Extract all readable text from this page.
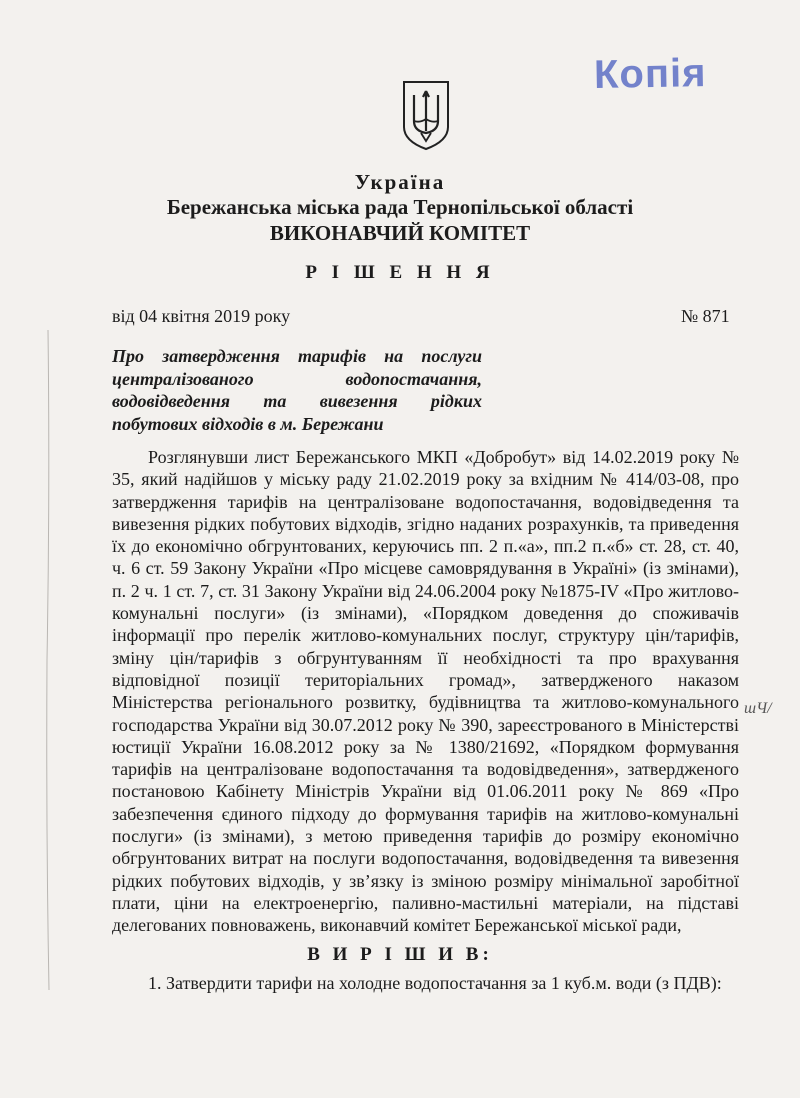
Копія
Україна
Бережанська міська рада Тернопільської області
ВИКОНАВЧИЙ КОМІТЕТ
Р І Ш Е Н Н Я
від 04 квітня 2019 року	№ 871
Про затвердження тарифів на послуги централізованого водопостачання, водовідведення та вивезення рідких побутових відходів в м. Бережани

Розглянувши лист Бережанського МКП «Добробут» від 14.02.2019 року № 35, який надійшов у міську раду 21.02.2019 року за вхідним № 414/03-08, про затвердження тарифів на централізоване водопостачання, водовідведення та вивезення рідких побутових відходів, згідно наданих розрахунків, та приведення їх до економічно обгрунтованих, керуючись пп. 2 п.«а», пп.2 п.«б» ст. 28, ст. 40, ч. 6 ст. 59 Закону України «Про місцеве самоврядування в Україні» (із змінами), п. 2 ч. 1 ст. 7, ст. 31 Закону України від 24.06.2004 року №1875-IV «Про житлово-комунальні послуги» (із змінами), «Порядком доведення до споживачів інформації про перелік житлово-комунальних послуг, структуру цін/тарифів, зміну цін/тарифів з обгрунтуванням її необхідності та про врахування відповідної позиції територіальних громад», затвердженого наказом Міністерства регіонального розвитку, будівництва та житлово-комунального господарства України від 30.07.2012 року № 390, зареєстрованого в Міністерстві юстиції України 16.08.2012 року за № 1380/21692, «Порядком формування тарифів на централізоване водопостачання та водовідведення», затвердженого постановою Кабінету Міністрів України від 01.06.2011 року № 869 «Про забезпечення єдиного підходу до формування тарифів на житлово-комунальні послуги» (із змінами), з метою приведення тарифів до розміру економічно обгрунтованих витрат на послуги водопостачання, водовідведення та вивезення рідких побутових відходів, у зв’язку із зміною розміру мінімальної заробітної плати, ціни на електроенергію, паливно-мастильні матеріали, на підставі делегованих повноважень, виконавчий комітет Бережанської міської ради,

В И Р І Ш И В:

1. Затвердити тарифи на холодне водопостачання за 1 куб.м. води (з ПДВ):

шЧ/
